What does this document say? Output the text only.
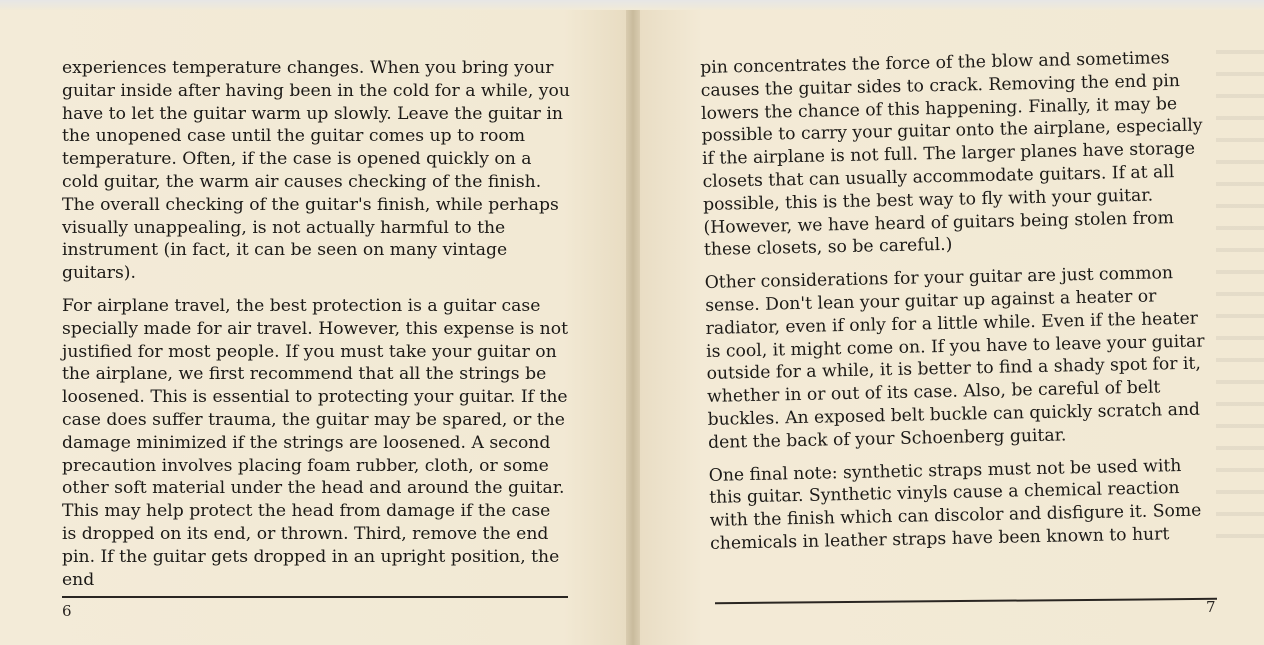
experiences temperature changes. When you bring your guitar inside after having been in the cold for a while, you have to let the guitar warm up slowly. Leave the guitar in the unopened case until the guitar comes up to room temperature. Often, if the case is opened quickly on a cold guitar, the warm air causes checking of the finish. The overall checking of the guitar's finish, while perhaps visually unappealing, is not actually harmful to the instrument (in fact, it can be seen on many vintage guitars).

For airplane travel, the best protection is a guitar case specially made for air travel. However, this expense is not justified for most people. If you must take your guitar on the airplane, we first recommend that all the strings be loosened. This is essential to protecting your guitar. If the case does suffer trauma, the guitar may be spared, or the damage minimized if the strings are loosened. A second precaution involves placing foam rubber, cloth, or some other soft material under the head and around the guitar. This may help protect the head from damage if the case is dropped on its end, or thrown. Third, remove the end pin. If the guitar gets dropped in an upright position, the end

6

pin concentrates the force of the blow and sometimes causes the guitar sides to crack. Removing the end pin lowers the chance of this happening. Finally, it may be possible to carry your guitar onto the airplane, especially if the airplane is not full. The larger planes have storage closets that can usually accommodate guitars. If at all possible, this is the best way to fly with your guitar. (However, we have heard of guitars being stolen from these closets, so be careful.)

Other considerations for your guitar are just common sense. Don't lean your guitar up against a heater or radiator, even if only for a little while. Even if the heater is cool, it might come on. If you have to leave your guitar outside for a while, it is better to find a shady spot for it, whether in or out of its case. Also, be careful of belt buckles. An exposed belt buckle can quickly scratch and dent the back of your Schoenberg guitar.

One final note: synthetic straps must not be used with this guitar. Synthetic vinyls cause a chemical reaction with the finish which can discolor and disfigure it. Some chemicals in leather straps have been known to hurt

7
